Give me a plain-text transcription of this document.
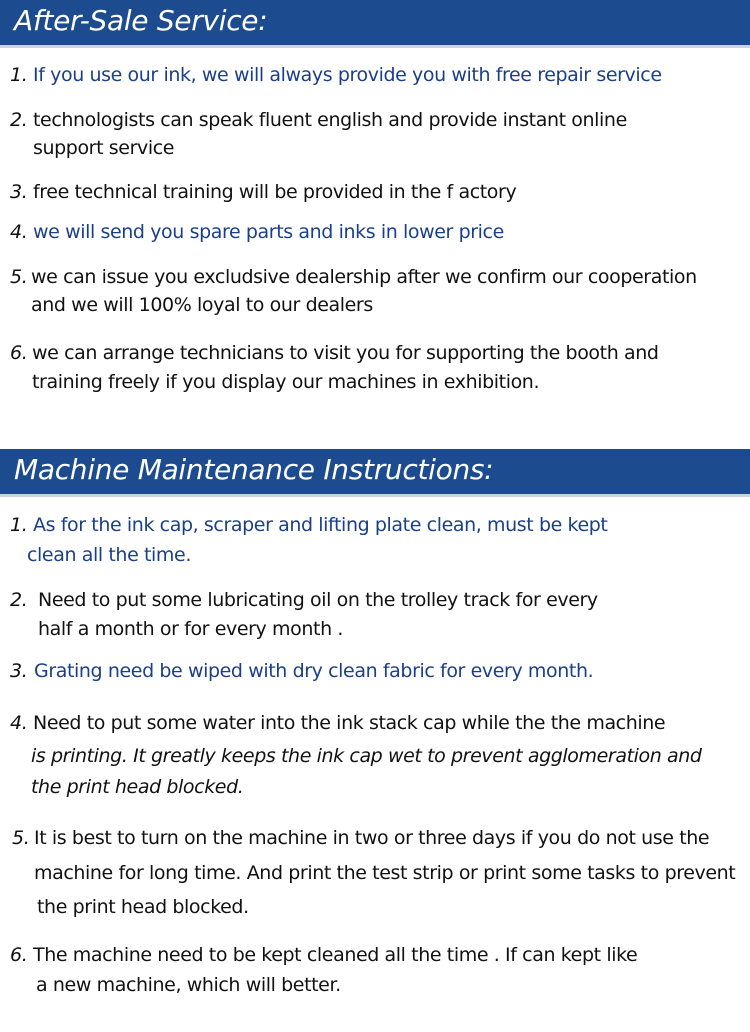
After-Sale Service:
1. If you use our ink, we will always provide you with free repair service
2. technologists can speak fluent english and provide instant online
support service
3. free technical training will be provided in the f actory
4. we will send you spare parts and inks in lower price
5. we can issue you excludsive dealership after we confirm our cooperation
and we will 100% loyal to our dealers
6. we can arrange technicians to visit you for supporting the booth and
training freely if you display our machines in exhibition.
Machine Maintenance Instructions:
1. As for the ink cap, scraper and lifting plate clean, must be kept
clean all the time.
2. Need to put some lubricating oil on the trolley track for every
half a month or for every month .
3. Grating need be wiped with dry clean fabric for every month.
4. Need to put some water into the ink stack cap while the the machine
is printing. It greatly keeps the ink cap wet to prevent agglomeration and
the print head blocked.
5. It is best to turn on the machine in two or three days if you do not use the
machine for long time. And print the test strip or print some tasks to prevent
the print head blocked.
6. The machine need to be kept cleaned all the time . If can kept like
a new machine, which will better.
